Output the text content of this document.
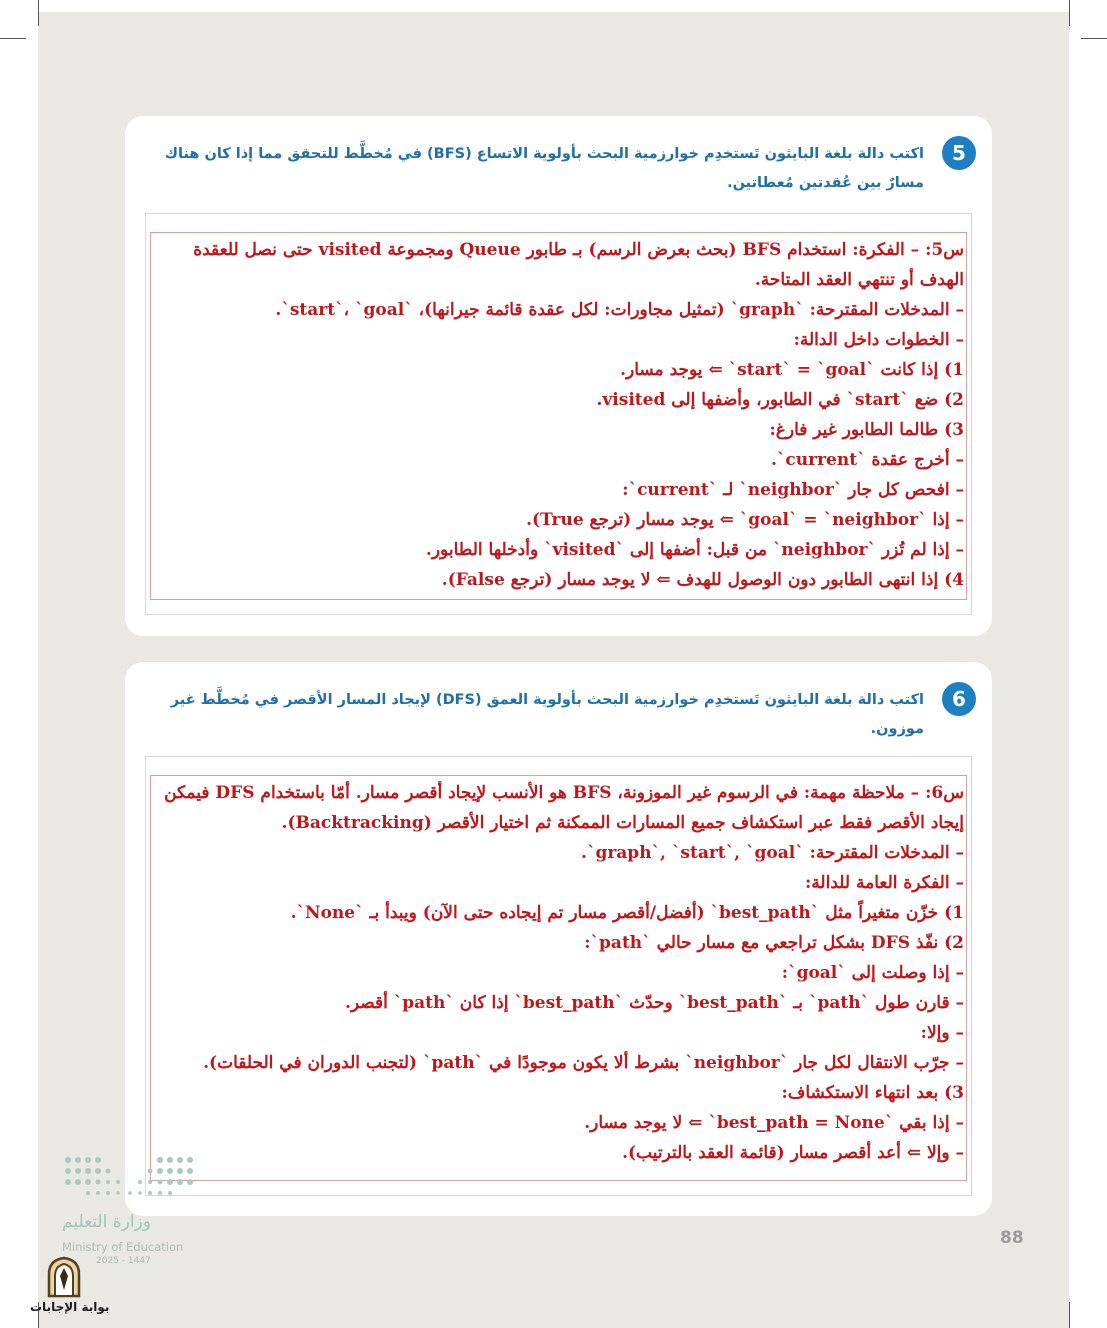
5
اكتب دالة بلغة البايثون تَستخدِم خوارزمية البحث بأولوية الاتساع (BFS) في مُخطَّط للتحقق مما إذا كان هناك مسارٌ بين عُقدتين مُعطاتين.
س5: – الفكرة: استخدام BFS (بحث بعرض الرسم) بـ طابور Queue ومجموعة visited حتى نصل للعقدة الهدف أو تنتهي العقد المتاحة.
– المدخلات المقترحة: `graph` (تمثيل مجاورات: لكل عقدة قائمة جيرانها)، `start`، `goal`.
– الخطوات داخل الدالة:
1) إذا كانت `start` = `goal` ⇐ يوجد مسار.
2) ضع `start` في الطابور، وأضفها إلى visited.
3) طالما الطابور غير فارغ:
– أخرج عقدة `current`.
– افحص كل جار `neighbor` لـ `current`:
– إذا `goal` = `neighbor` ⇐ يوجد مسار (ترجع True).
– إذا لم تُزر `neighbor` من قبل: أضفها إلى `visited` وأدخلها الطابور.
4) إذا انتهى الطابور دون الوصول للهدف ⇐ لا يوجد مسار (ترجع False).
6
اكتب دالة بلغة البايثون تَستخدِم خوارزمية البحث بأولوية العمق (DFS) لإيجاد المسار الأقصر في مُخطَّط غير موزون.
س6: – ملاحظة مهمة: في الرسوم غير الموزونة، BFS هو الأنسب لإيجاد أقصر مسار. أمّا باستخدام DFS فيمكن إيجاد الأقصر فقط عبر استكشاف جميع المسارات الممكنة ثم اختيار الأقصر (Backtracking).
– المدخلات المقترحة: `graph`, `start`, `goal`.
– الفكرة العامة للدالة:
1) خزّن متغيراً مثل `best_path` (أفضل/أقصر مسار تم إيجاده حتى الآن) ويبدأ بـ `None`.
2) نفّذ DFS بشكل تراجعي مع مسار حالي `path`:
– إذا وصلت إلى `goal`:
– قارن طول `path` بـ `best_path` وحدّث `best_path` إذا كان `path` أقصر.
– وإلا:
– جرّب الانتقال لكل جار `neighbor` بشرط ألا يكون موجودًا في `path` (لتجنب الدوران في الحلقات).
3) بعد انتهاء الاستكشاف:
– إذا بقي `best_path = None` ⇐ لا يوجد مسار.
– وإلا ⇐ أعد أقصر مسار (قائمة العقد بالترتيب).
وزارة التعليم
Ministry of Education
2025 - 1447
88
بوابة الإجابات
